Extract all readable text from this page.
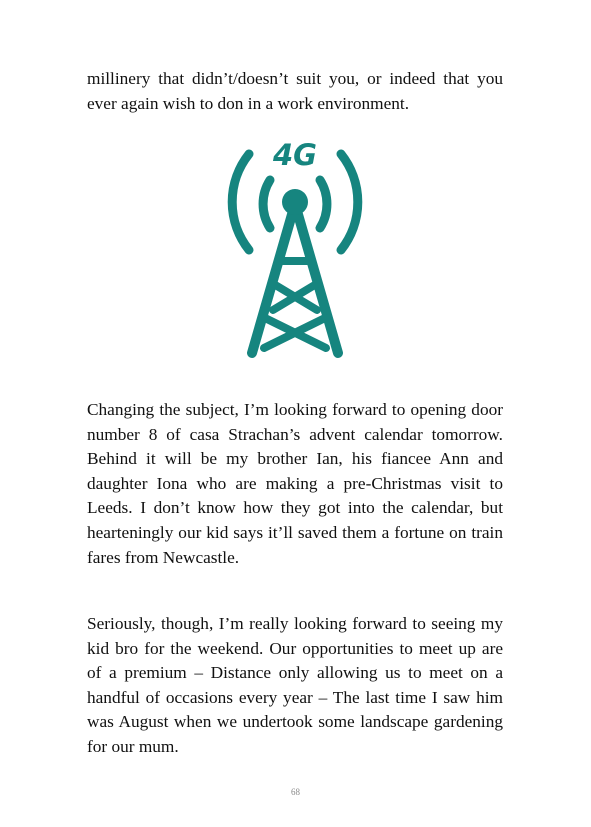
millinery that didn’t/doesn’t suit you, or indeed that you ever again wish to don in a work environment.

4G

Changing the subject, I’m looking forward to opening door number 8 of casa Strachan’s advent calendar tomorrow. Behind it will be my brother Ian, his fiancee Ann and daughter Iona who are making a pre-Christmas visit to Leeds. I don’t know how they got into the calendar, but hearteningly our kid says it’ll saved them a fortune on train fares from Newcastle.

Seriously, though, I’m really looking forward to seeing my kid bro for the weekend. Our opportunities to meet up are of a premium – Distance only allowing us to meet on a handful of occasions every year – The last time I saw him was August when we undertook some landscape gardening for our mum.

68
